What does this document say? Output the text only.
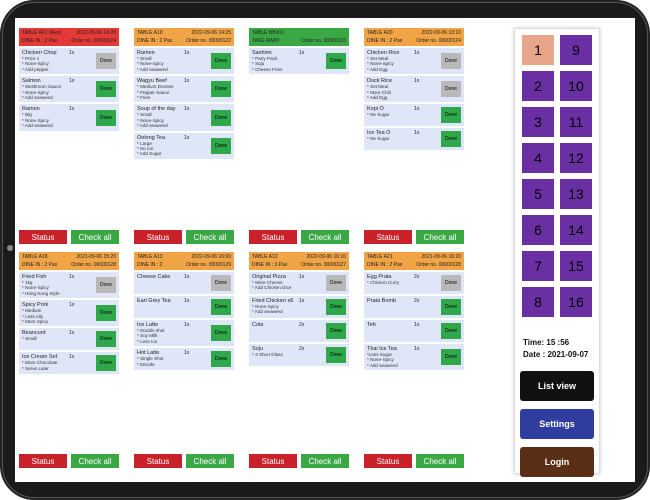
TABLE A01 (Rex)	2022-09-06 14:20
DINE IN : 2 Pax	Order no. 00000124
Chicken Chop	1x
* Price 1
* None-Spicy
* Add pepper
Done
Salmon	1x
* Mushroom Sauce
* None-Spicy
* Add seaweed
Done
Ramen	1x
* Big
* None-Spicy
* Add seaweed
Done
TABLE A10	2022-09-06 14:25
DINE IN : 2 Pax	Order no. 00000122
Ramen	1x
* Small
* None-Spicy
* Add seaweed
Done
Wagyu Beef	1x
* Medium Doness
* Pepper Sauce
* Fries
Done
Soup of the day	1x
* Small
* None-Spicy
* Add seaweed
Done
Oolong Tea	1x
* Large
* No Ice
* Add Sugar
Done
TABLE BB101
TAKE AWAY	Order no. 00000126
Sashimi	1x
* Party Pack
* Soju
* Cheese Fries
Done
TABLE A20	2022-09-06 13:10
DINE IN : 2 Pax	Order no. 00000124
Chicken Rice	1x
* Set Meal
* None-Spicy
* Add Egg
Done
Duck Rice	1x
* Set Meal
* More Chili
* Add Egg
Done
Kopi O	1x
* No Sugar	Done
Ice Tea O	1x
* No Sugar	Done
TABLE A18	2021-09-06 15:20
DINE IN : 2 Pax	Order no. 00000128
Fried Fish	1x
* 1kg
* None-Spicy
* Hong Kong Style
Done
Spicy Pork	1x
* Medium
* Less oily
* More Spicy
Done
Beancurd	1x
* Small	Done
Ice Cream Set	1x
* More Chocolate
* Serve Later
Done
TABLE A13	2022-09-06 16:00
DINE IN : 2	Order no. 00000129
Cheese Cake	1x
Done
Earl Grey Tea	1x
Done
Ice Latte	1x
* Double shot
* Soy Milk
* Less Ice
Done
Hot Latte	1x
* Single Shot
* Decafe
Done
TABLE A12	2022-09-06 16:10
DINE IN : 3 Pax	Order no. 00000127
Original Pizza	1x
* More Cheese
* Add Chicken Dice
Done
Fried Chicken x6	1x
* None-Spicy
* Add seaweed
Done
Cola	2x
Done
Soju	2x
* 3 Short Glass	Done
TABLE A21	2021-09-06 16:20
DINE IN : 2 Pax	Order no. 00000128
Egg Prata	2x
* Chicken Curry	Done
Prata Bomb	2x
Done
Teh	1x
Done
Thai Ice Tea	1x
*Less Sugar
* None-Spicy
* Add seaweed
Done
Status	Check all	Status	Check all	Status	Check all	Status	Check all
Status	Check all	Status	Check all	Status	Check all	Status	Check all
Time: 15 :56
Date : 2021-09-07
List view
Settings
Login
1	9
2	10
3	11
4	12
5	13
6	14
7	15
8	16
